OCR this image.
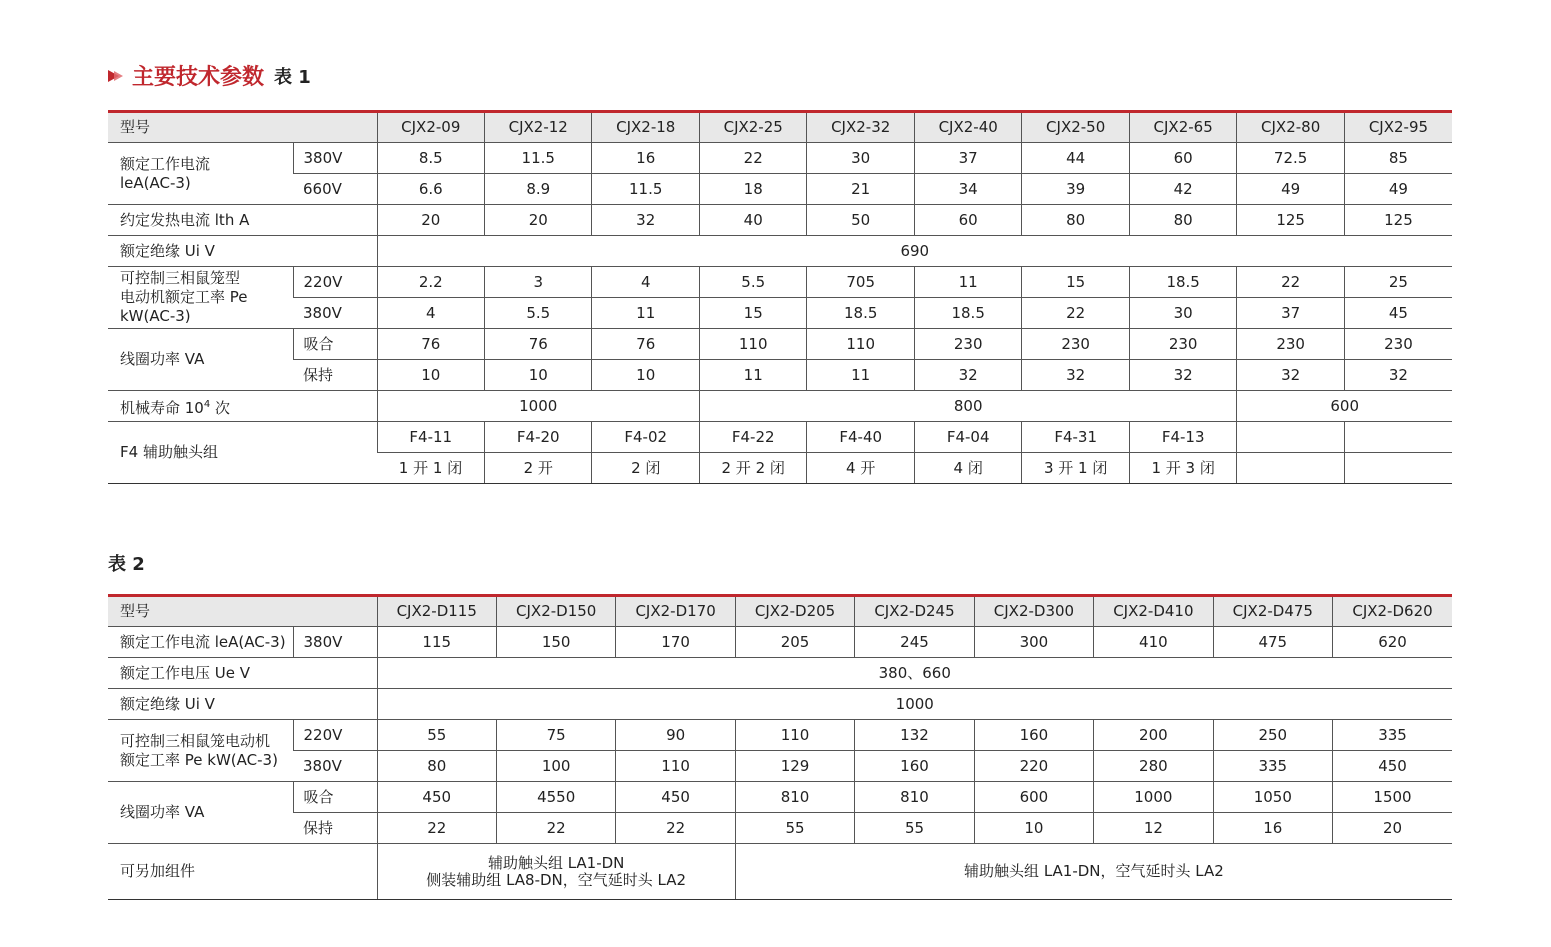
主要技术参数 表 1
型号		CJX2-09	CJX2-12	CJX2-18	CJX2-25	CJX2-32	CJX2-40	CJX2-50	CJX2-65	CJX2-80	CJX2-95

额定工作电流
leA(AC-3)	380V	8.5	11.5	16	22	30	37	44	60	72.5	85
	660V	6.6	8.9	11.5	18	21	34	39	42	49	49
约定发热电流 lth A		20	20	32	40	50	60	80	80	125	125
额定绝缘 Ui V		690									

可控制三相鼠笼型
电动机额定工率 Pe
kW(AC-3)	220V	2.2	3	4	5.5	705	11	15	18.5	22	25
	380V	4	5.5	11	15	18.5	18.5	22	30	37	45
线圈功率 VA	吸合	76	76	76	110	110	230	230	230	230	230
	保持	10	10	10	11	11	32	32	32	32	32
机械寿命 $10^4$ 次		1000			800					600	
F4 辅助触头组		F4-11	F4-20	F4-02	F4-22	F4-40	F4-04	F4-31	F4-13		
		1 开 1 闭	2 开	2 闭	2 开 2 闭	4 开	4 闭	3 开 1 闭	1 开 3 闭		
表 2
型号		CJX2-D115	CJX2-D150	CJX2-D170	CJX2-D205	CJX2-D245	CJX2-D300	CJX2-D410	CJX2-D475	CJX2-D620
额定工作电流 leA(AC-3)	380V	115	150	170	205	245	300	410	475	620
额定工作电压 Ue V		380、660								
额定绝缘 Ui V		1000								

可控制三相鼠笼电动机
额定工率 Pe kW(AC-3)	220V	55	75	90	110	132	160	200	250	335
	380V	80	100	110	129	160	220	280	335	450
线圈功率 VA	吸合	450	4550	450	810	810	600	1000	1050	1500
	保持	22	22	22	55	55	10	12	16	20
可另加组件		辅助触头组 LA1-DN
侧装辅助组 LA8-DN，空气延时头 LA2			辅助触头组 LA1-DN，空气延时头 LA2					
